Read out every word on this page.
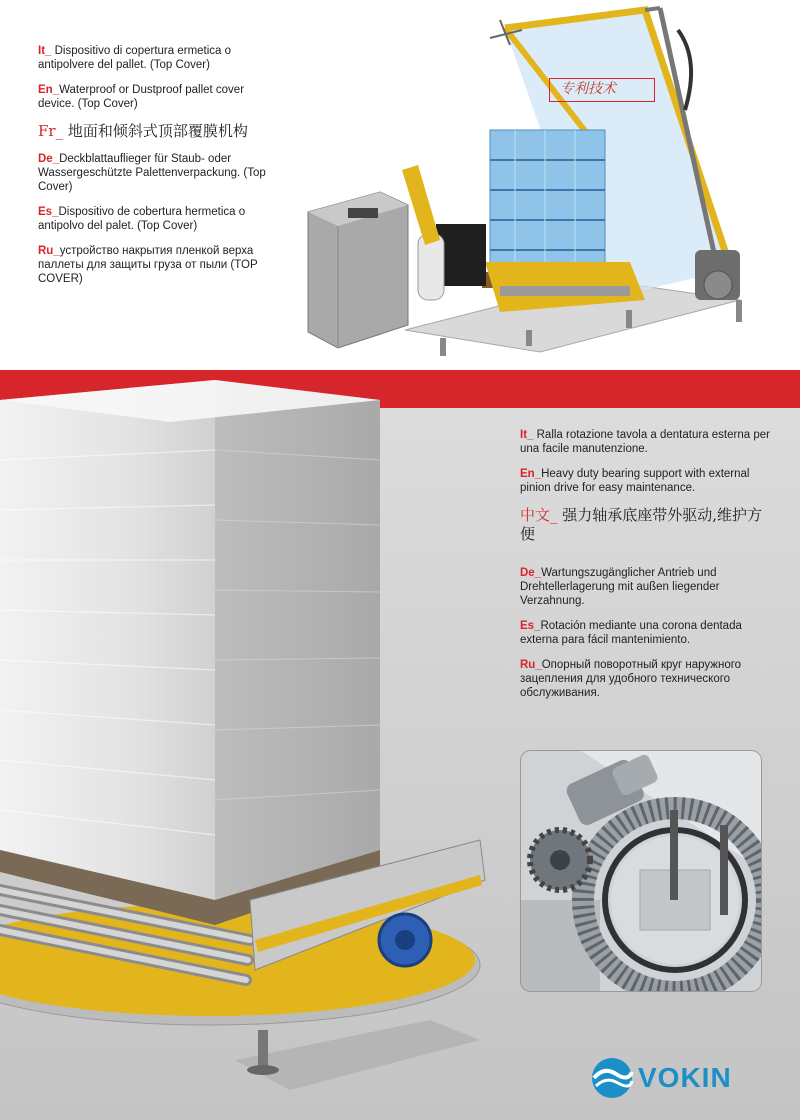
专利技术

It_ Dispositivo di copertura ermetica o antipolvere del pallet. (Top Cover)

En_Waterproof or Dustproof pallet cover device. (Top Cover)

Fr_ 地面和倾斜式顶部覆膜机构

De_Deckblattauflieger für Staub- oder Wassergeschützte Palettenverpackung. (Top Cover)

Es_Dispositivo de cobertura hermetica o antipolvo del palet. (Top Cover)

Ru_устройство накрытия пленкой верха паллеты для защиты груза от пыли (TOP COVER)

It_ Ralla rotazione tavola a dentatura esterna per una facile manutenzione.

En_Heavy duty bearing support with external pinion drive for easy maintenance.

中文_ 强力轴承底座带外驱动,维护方便

De_Wartungszugänglicher Antrieb und Drehtellerlagerung mit außen liegender Verzahnung.

Es_Rotación mediante una corona dentada externa para fácil mantenimiento.

Ru_Опорный поворотный круг наружного зацепления для удобного технического обслуживания.

VOKIN
